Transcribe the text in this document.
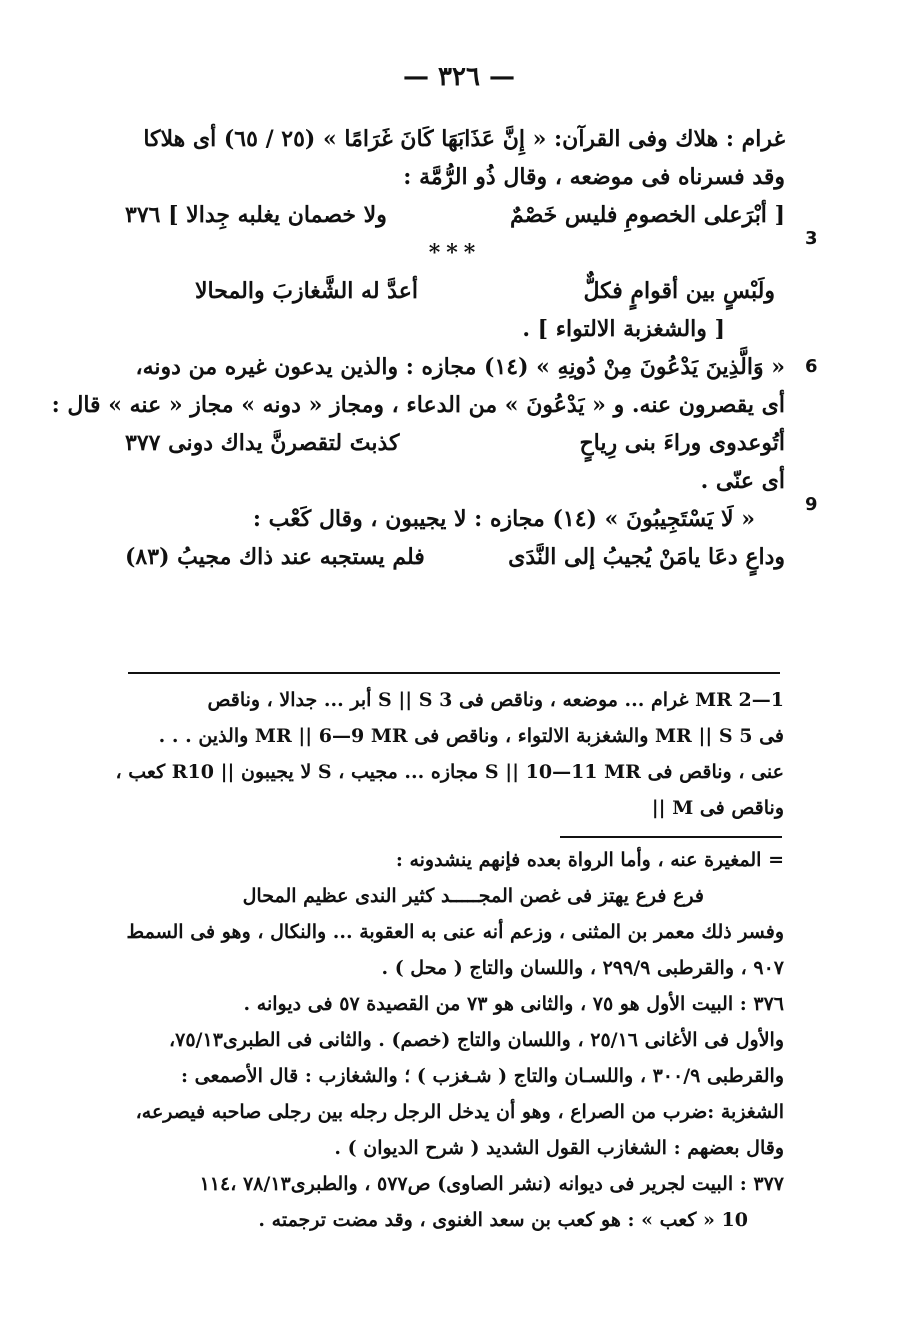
— ٣٢٦ —
غرام : هلاك وفى القرآن: « إِنَّ عَذَابَهَا كَانَ غَرَامًا » (٢٥ / ٦٥) أى هلاكا
وقد فسرناه فى موضعه ، وقال ذُو الرُّمَّة :
[ أبْرَعلى الخصومِ فليس خَصْمٌ
ولا خصمان يغلبه جِدالا ] ٣٧٦
***
ولَبْسٍ بين أقوامٍ فكلٌّ
أعدَّ له الشَّغازبَ والمحالا
[ والشغزبة الالتواء ] .
« وَالَّذِينَ يَدْعُونَ مِنْ دُونِهِ » (١٤) مجازه : والذين يدعون غيره من دونه،
أى يقصرون عنه. و « يَدْعُونَ » من الدعاء ، ومجاز « دونه » مجاز « عنه » قال :
أتُوعدوى وراءَ بنى رِياحٍ
كذبتَ لتقصرنَّ يداك دونى ٣٧٧
أى عنّى .
« لَا يَسْتَجِيبُونَ » (١٤) مجازه : لا يجيبون ، وقال كَعْب :
وداعٍ دعَا يامَنْ يُجيبُ إلى النَّدَى
فلم يستجبه عند ذاك مجيبُ (٨٣)
3
6
9
MR 2—1 غرام ... موضعه ، وناقص فى S || S 3 أبر ... جدالا ، وناقص
فى MR || S 5 والشغزبة الالتواء ، وناقص فى MR || 6—9 MR والذين . . .
عنى ، وناقص فى S || 10—11 MR مجازه ... مجيب ، S لا يجيبون || R10 كعب ،
وناقص فى M ||
= المغيرة عنه ، وأما الرواة بعده فإنهم ينشدونه :
فرع فرع يهتز فى غصن المجـــــد كثير الندى عظيم المحال
وفسر ذلك معمر بن المثنى ، وزعم أنه عنى به العقوبة ... والنكال ، وهو فى السمط
٩٠٧ ، والقرطبى ٢٩٩/٩ ، واللسان والتاج ( محل ) .
٣٧٦ : البيت الأول هو ٧٥ ، والثانى هو ٧٣ من القصيدة ٥٧ فى ديوانه .
والأول فى الأغانى ٢٥/١٦ ، واللسان والتاج (خصم) . والثانى فى الطبرى٧٥/١٣،
والقرطبى ٣٠٠/٩ ، واللسـان والتاج ( شـغزب ) ؛ والشغازب : قال الأصمعى :
الشغزبة :ضرب من الصراع ، وهو أن يدخل الرجل رجله بين رجلى صاحبه فيصرعه،
وقال بعضهم : الشغازب القول الشديد ( شرح الديوان ) .
٣٧٧ : البيت لجرير فى ديوانه (نشر الصاوى) ص٥٧٧ ، والطبرى٧٨/١٣ ،١١٤
10 « كعب » : هو كعب بن سعد الغنوى ، وقد مضت ترجمته .
